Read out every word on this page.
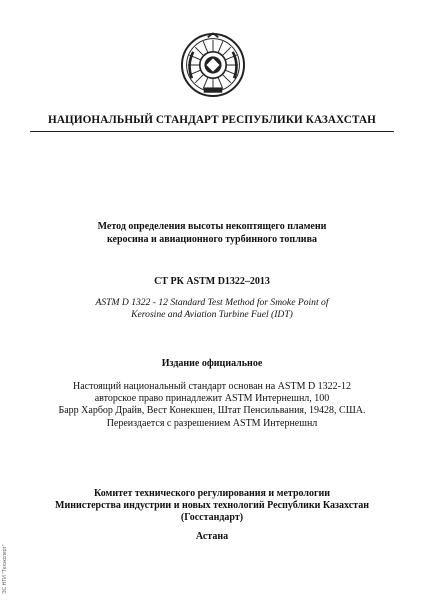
НАЦИОНАЛЬНЫЙ СТАНДАРТ РЕСПУБЛИКИ КАЗАХСТАН
Метод определения высоты некоптящего пламени
керосина и авиационного турбинного топлива
СТ РК ASTM D1322–2013
ASTM D 1322 - 12 Standard Test Method for Smoke Point of
Kerosine and Aviation Turbine Fuel (IDT)
Издание официальное
Настоящий национальный стандарт основан на ASTM D 1322-12
авторское право принадлежит ASTM Интернешнл, 100
Барр Харбор Драйв, Вест Конекшен, Штат Пенсильвания, 19428, США.
Переиздается с разрешением ASTM Интернешнл
Комитет технического регулирования и метрологии
Министерства индустрии и новых технологий Республики Казахстан
(Госстандарт)
Астана
ЭС НТИ "Техэксперт"
